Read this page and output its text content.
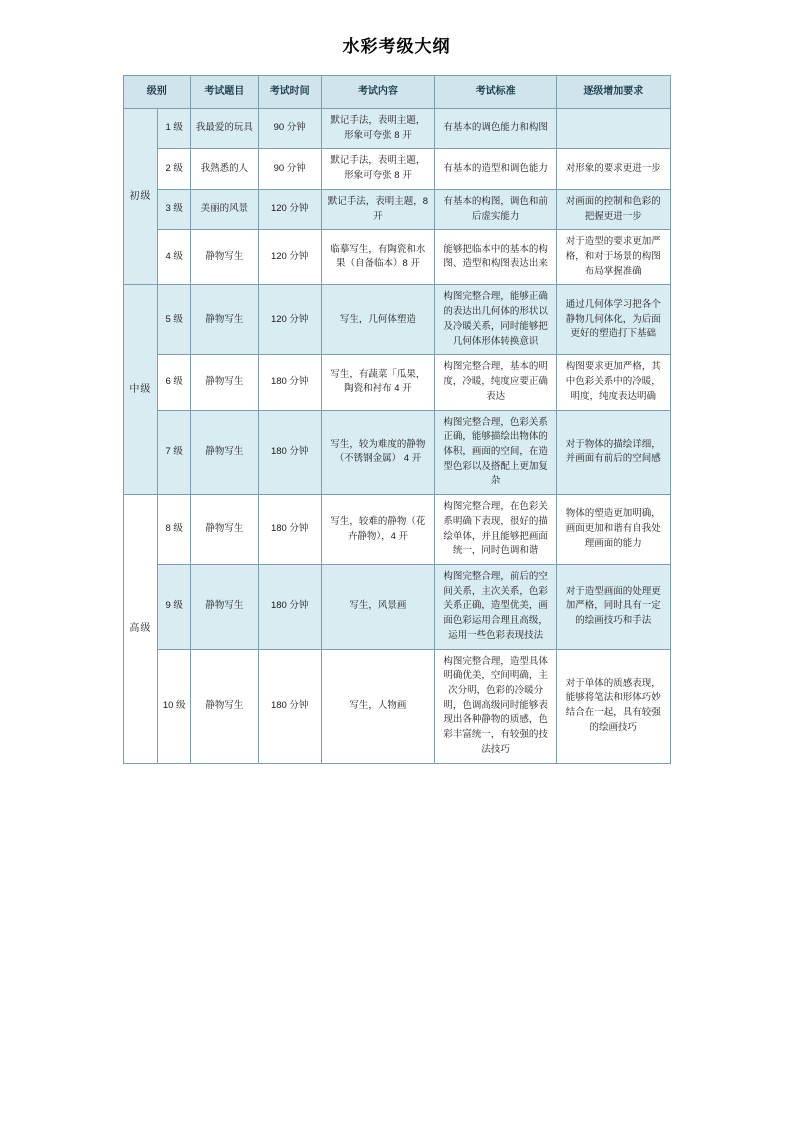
水彩考级大纲
级别		考试题目	考试时间	考试内容	考试标准	逐级增加要求
初级	1 级	我最爱的玩具	90 分钟	默记手法，表明主题，形象可夸张 8 开	有基本的调色能力和构图	
	2 级	我熟悉的人	90 分钟	默记手法，表明主题，形象可夸张 8 开	有基本的造型和调色能力	对形象的要求更进一步
	3 级	美丽的风景	120 分钟	默记手法，表明主题，8 开	有基本的构图，调色和前后虚实能力	对画面的控制和色彩的把握更进一步
	4 级	静物写生	120 分钟	临摹写生，有陶瓷和水果（自备临本）8 开	能够把临本中的基本的构图、造型和构图表达出来	对于造型的要求更加严格，和对于场景的构图布局掌握准确
中级	5 级	静物写生	120 分钟	写生，几何体塑造	构图完整合理，能够正确的表达出几何体的形状以及冷暖关系，同时能够把几何体形体转换意识	通过几何体学习把各个静物几何体化，为后面更好的塑造打下基础
	6 级	静物写生	180 分钟	写生，有蔬菜「瓜果，陶瓷和衬布 4 开	构图完整合理，基本的明度，冷暖，纯度应要正确表达	构图要求更加严格，其中色彩关系中的冷暖，明度，纯度表达明确
	7 级	静物写生	180 分钟	写生，较为难度的静物（不锈钢金属） 4 开	构图完整合理，色彩关系正确，能够描绘出物体的体积，画面的空间，在造型色彩以及搭配上更加复杂	对于物体的描绘详细，并画面有前后的空间感
高级	8 级	静物写生	180 分钟	写生，较难的静物（花卉静物），4 开	构图完整合理，在色彩关系明确下表现，很好的描绘单体，并且能够把画面统一，同时色调和谐	物体的塑造更加明确，画面更加和谐有自我处理画面的能力
	9 级	静物写生	180 分钟	写生，风景画	构图完整合理，前后的空间关系，主次关系，色彩关系正确，造型优美，画面色彩运用合理且高级，运用一些色彩表现技法	对于造型画面的处理更加严格，同时具有一定的绘画技巧和手法
	10 级	静物写生	180 分钟	写生，人物画	构图完整合理，造型具体明确优美，空间明确，主次分明，色彩的冷暖分明，色调高级同时能够表现出各种静物的质感，色彩丰富统一，有较强的技法技巧	对于单体的质感表现，能够将笔法和形体巧妙结合在一起，具有较强的绘画技巧
